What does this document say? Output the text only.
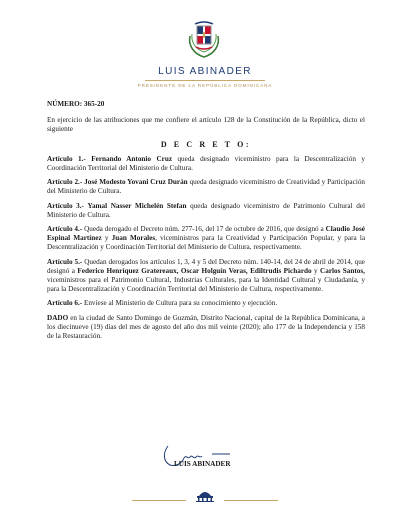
LUIS ABINADER
PRESIDENTE DE LA REPÚBLICA DOMINICANA

NÚMERO: 365-20

En ejercicio de las atribuciones que me confiere el artículo 128 de la Constitución de la República, dicto el siguiente

D E C R E T O:

Artículo 1.- Fernando Antonio Cruz queda designado viceministro para la Descentralización y Coordinación Territorial del Ministerio de Cultura.

Artículo 2.- José Modesto Yovani Cruz Durán queda designado viceministro de Creatividad y Participación del Ministerio de Cultura.

Artículo 3.- Yamal Nasser Michelén Stefan queda designado viceministro de Patrimonio Cultural del Ministerio de Cultura.

Artículo 4.- Queda derogado el Decreto núm. 277-16, del 17 de octubre de 2016, que designó a Claudio José Espinal Martínez y Juan Morales, viceministros para la Creatividad y Participación Popular, y para la Descentralización y Coordinación Territorial del Ministerio de Cultura, respectivamente.

Artículo 5.- Quedan derogados los artículos 1, 3, 4 y 5 del Decreto núm. 140-14, del 24 de abril de 2014, que designó a Federico Henríquez Gratereaux, Oscar Holguín Veras, Ediltrudis Pichardo y Carlos Santos, viceministros para el Patrimonio Cultural, Industrias Culturales, para la Identidad Cultural y Ciudadanía, y para la Descentralización y Coordinación Territorial del Ministerio de Cultura, respectivamente.

Artículo 6.- Envíese al Ministerio de Cultura para su conocimiento y ejecución.

DADO en la ciudad de Santo Domingo de Guzmán, Distrito Nacional, capital de la República Dominicana, a los diecinueve (19) días del mes de agosto del año dos mil veinte (2020); año 177 de la Independencia y 158 de la Restauración.

LUIS ABINADER
